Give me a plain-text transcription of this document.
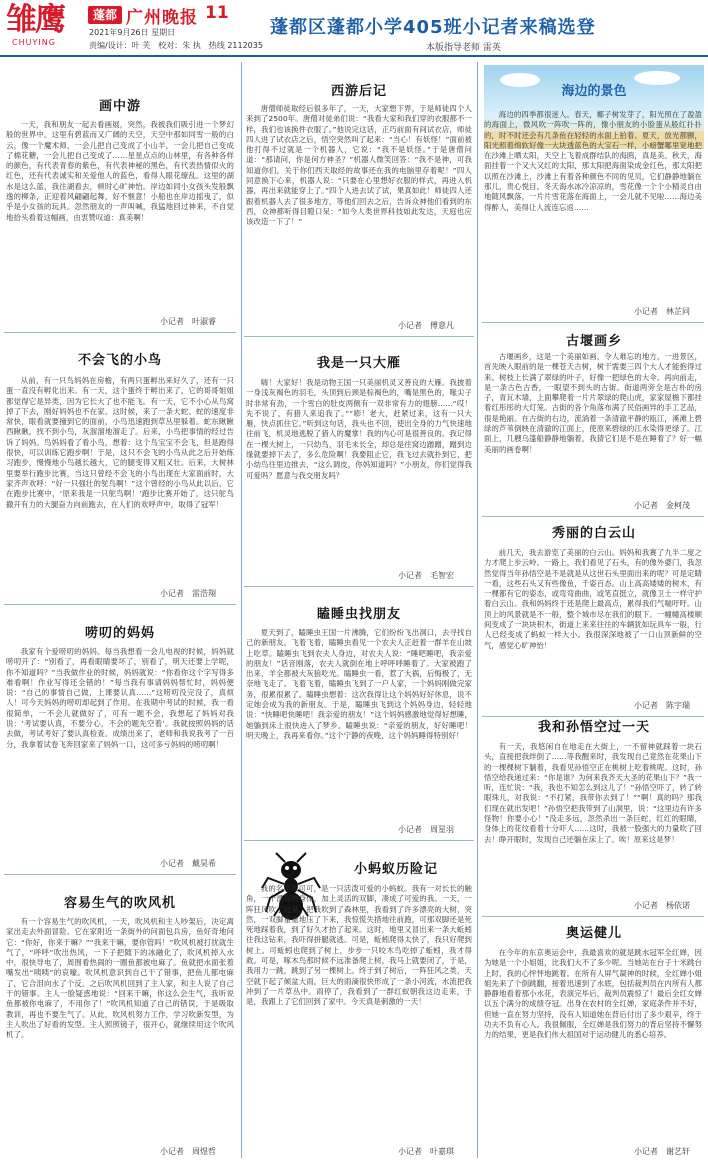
雏鹰
CHUYING
蓬都 广州晚报 11
2021年9月26日 星期日
责编/设计：叶 芙　校对：朱 执　热线 2112035
蓬都区蓬都小学405班小记者来稿选登
本版指导老师 雷英
画中游
一天，我和朋友一起去看画展，突然，我被我们吸引进一个梦幻般的世界中。这里有碧蓝而又广阔的天空，天空中那如同雪一般的白云，像一个魔术师，一会儿把自己变成了小山羊，一会儿把自己变成了棉花糖，一会儿把自己变成了……星星点点的山林里，有各种各样的颜色，有代表青春的紫色，有代表神秘的黑色，有代表热情似火的红色，还有代表诚实和关爱他人的蓝色，看得人眼花缭乱。这里的湖水是这么蓝，我往湖看去，顿时心旷神怡。岸边如同小女孩头发般飘逸的柳条，正迎着风翩翩起舞，好不惬意！小船也在岸边摇曳了，似乎是小女孩的玩具。忽然朋友的一声叫喊，我猛地回过神来，不自觉地拾头看着这幅画，由衷赞叹道：真美啊！
小记者　叶淑睿
不会飞的小鸟
从前，有一只鸟妈妈在房檐，有两只蛋孵出来好久了，还有一只蛋一直没有孵化出来。有一天，这个蛋终于孵出来了，它的哥哥姐姐都觉得它是异类，因为它长大了也不能飞。有一天，它不小心从鸟窝掉了下去，刚好妈妈也不在家。这时候，来了一条大蛇。蛇的速度非常快，眼看就要撞到它的面前，小鸟迅速跑到草丛里躲着。蛇东瞅瞅西瞅瞅，找不到小鸟，灰溜溜地溜走了。后来，小鸟把事情的经过告诉了妈妈。鸟妈妈看了看小鸟，想着：这个鸟宝宝不会飞，但是跑得很快，可以训练它跑步啊！于是，这只不会飞的小鸟从此之后开始练习跑步，慢慢地小鸟越长越大，它的腿变得又粗又壮。后来，大树林里要举行跑步比赛，当这只曾经不会飞的小鸟出现在大家面前时，大家齐声欢呼：“好一只强壮的鸵鸟啊！”这个曾经的小鸟从此以后，它在跑步比赛中，‘原来我是一只鸵鸟啊！’跑步比赛开始了，这只鸵鸟撒开有力的大腿奋力向前跑去，在人们的欢呼声中，取得了冠军！
小记者　雷浩翔
唠叨的妈妈
我家有个爱唠叨的妈妈。每当我想看一会儿电视的时候，妈妈就唠叨开了：“别看了，再看眼睛要坏了，别看了，明天还要上学呢，你不知道吗？”当我做作业的时候，妈妈就说：“你看你这个字写得多难看啊！作业写得还全错的！”每当我有事请妈妈帮忙时，妈妈便说：“自己的事情自己做，上课要认真……”这唠叨没完没了，真烦人！可今天妈妈的唠叨却起到了作用。在我期中考试的时候，我一看很简单，一不会儿就做好了，可有一题不会，我想起了妈妈对我说：‘考试要认真，不要分心，不会的题先空着’。我就按照妈妈的话去做，考试考好了要认真检查。成绩出来了，老师和我说我考了一百分，我拿着试卷飞奔回家来了妈妈一口，这可多亏妈妈的唠叨啊！
小记者　戴昊希
容易生气的吹风机
有一个容易生气的吹风机，一天，吹风机和主人吵架后，决定离家出走去外面冒险。它在家附近一条街外的问面包兵房，鱼好奇地问它：“你好，你来干嘛？”“我来干嘛，要你管吗！”吹风机被打扰就生气了，“呼呼”吹出热风，一下子把随下的冰融化了，吹风机掉入水中，很快导电了，周围看热闹的一圈鱼都被电麻了。鱼就把水面张着嘴发出“咦咦”的哀嚎。吹风机意识到自己干了错事，把鱼儿都电麻了，它合泪向水了个反。之后吹风机回到了主人家，和主人说了自己干的错事。主人一脸疑惑地说：“回来干嘛，你这么会生气，我听说鱼都被你电麻了，不用你了！”吹风机知道了自己的错误，于是吸取教训，再也不要生气了。从此，吹风机努力工作，学习吹新发型，为主人吹出了好看的发型。主人照照镜子，很开心，就继续用这个吹风机了。
小记者　周煜哲
西游后记
唐僧师徒取经后很多年了，一天，大家想下界，于是师徒四个人来到了2500年。唐僧对徒弟们说：“我看大家和我们穿的衣服都不一样，我们也该换件衣服了。”他说完这话，正巧前面有间试衣店，师徒四人进了试衣店之后，悟空突然叫了起来：“当心！有妖怪！”面前被他打得不过就是一个机器人，它说：“我不是妖怪。”于是唐僧问道：“那请问，你是何方神圣？”机器人微笑回答：“我不是神，可我知道你们，关于你们西天取经的故事还在我的电脑里存着呢！”四人同意换下心来，机器人说：“只要在心里想好衣服的样式，再进入机器，再出来就能穿上了。”四个人进去试了试，果真如此！师徒四人还跟着机器人去了很多地方，等他们回去之后，告诉众神他们看到的东西，众神都听得目瞪口呆：“如今人类世界科技如此发达，天庭也应该改造一下了！”
小记者　傅意凡
我是一只大雁
嗨！大家好！我是动物王国一只美丽机灵又善良的大雁。我披着一身浅灰褐色的羽毛，头顶到后颈是棕褐色的，嘴是黑色的，喙尖子时非常有劲，一个雪白的肚皮两侧有一双非常有力的翅膀……“哎！先不说了，有猎人来追我了。”“嘭！老大，赶紧过来，这有一只大雁，快点抓住它。”听到这句话，我头也不回，使出全身的力气快速地往前飞，机灵地逃脱了猎人的魔掌！我的内心可是很善良的。我记得在一棵大树上，一只幼鸟，羽毛未长全，却总是往窝边蹭蹭，蹭到边缘就要掉下去了，多么危险啊！我要阻止它，我飞过去就扑到它，把小幼鸟往里边推去，“这么调皮，你妈知道吗？”小朋友，你们觉得我可爱吗？愿意与我交朋友吗？
小记者　毛智宏
瞌睡虫找朋友
夏天到了，瞌睡虫王国一片沸腾，它们纷纷飞出洞口，去寻找自己的新朋友。飞着飞着，瞌睡虫看见一个农夫人正赶着一群羊在山坡上吃草。瞌睡虫飞到农夫人身边，对农夫人说：“睡吧睡吧，我亲爱的朋友！”话音刚落，农夫人就倒在地上呼呼呼睡着了。大家被跑了出来，羊全都被大灰狼吃光。瞌睡虫一看，惹了大祸，后悔极了，无奈地飞走了。飞着飞着，瞌睡虫飞到了一户人家，一个妈妈刚做完家务，很累很累了。瞌睡虫想着：这次我得让这个妈妈好好休息，说不定她会成为我的新朋友。于是，瞌睡虫飞到这个妈妈身边，轻轻地说：“快睡吧快睡吧！我亲爱的朋友！”这个妈妈感激地觉得好想睡，她躺到床上很快进入了梦乡。瞌睡虫说：“亲爱的朋友，好好睡吧！明天晚上，我再来看你。”这个宁静的夜晚，这个妈妈睡得特别好！
小记者　周星羽
小蚂蚁历险记
我的名字叫可可，是一只活泼可爱的小蚂蚁。我有一对长长的触角，一个漂亮的身体，加上灵活的双脚，凑成了可爱的我。一天，一阵狂风吹了过来，把我吹到了森林里，我看到了许多漂亮的大树，突然，一双脚重重地压了下来，我惊慌失措地往前跑，可那双脚还是死死地踩着我，到了好久才抬了起来。这时，地里又冒出来一条大蚯蚓往我这钻来，我吓得拼腿就逃。可是，蚯蚓爬得太快了，我只好爬到树上。可蚯蚓也爬到了树上，步步一只咬木鸟吃掉了蚯蚓，我才得救。可是，啄木鸟那时候不远准备爬上树，我马上就要闭了，于是，我用力一跳，跳到了另一棵树上。终于到了树后，一阵狂风之类，天空就下起了倾盆大雨，巨大的雨滴很快形成了一条小河流，水流把我冲到了一片草丛中。雨停了，我看到了一群红蚁朝我这边走来，于是，我跟上了它们回到了家中。今天真是刺激的一天！
小记者　叶嘉琪
海边的景色
海边的四季都很迷人。春天，椰子树发芽了，阳光照在了盈盈的海面上，微风吹一阵吹一阵的，像小朋友的小脸蛋从般红扑扑的，时不时还会有几条鱼在轻轻的水面上拍着。夏天，放光都颤，阳光照着绵软好像一大块透蓝色的大宝石一样，小螃蟹哪里宽地把在沙滩上晒太阳，天空上飞着成群结队的海鸥，真是美。秋天，海面挂着一个又大又红的太阳，那太阳把海面染成金红色，那太阳把以照在沙滩上，沙滩上有着各种颜色不同的见贝，它们静静地躺在那儿，贵心悦目。冬天海水冰冷凉凉的，雪花像一个个小精灵自由地随风飘落，一片片雪花落在海面上，一会儿就不见啦……海边美得醉人，美得让人流连忘返……
小记者　林芷同
古堰画乡
古堰画乡，这是一个美丽如画、令人难忘的地方。一进景区，首先映入眼前的是一棵苍天古树，树干需要三四个大人才能抱得过来。树枝上长满了翠绿的叶子，好像一把绿色的大伞。再向前走，是一条古色古香，一眼望不到头的古街。街道两旁全是古朴的房子，青瓦木墙，上面攀爬着一片片翠绿的爬山虎，家家屋檐下都挂着红彤彤的大灯笼。古街的各个角落布满了民俗画异的手工艺品，很是艳丽。在古街的右边，流淌着一条清澈平静的瓯江，溪滩上碧绿的芦苇倒映在清澈的江面上，使原来碧绿的江水染得更绿了。江面上，几艘乌篷船静静地躺着，我猜它们是不是在睡着了？好一幅美丽的画卷啊！
小记者　金柯茂
秀丽的白云山
前几天，我去游览了美丽的白云山。妈妈和我赛了九半二度之力才爬上步云岭。一路上，我们看见了石头，有的像外婆门，我忽然觉得当年孙悟空是不是就是从这世石头里面出来的呢？可是定睛一看，这些石头又有些像鱼，千姿百态。山上高高矮矮的树木，有一棵都有它的姿态，或弯弯曲曲，或笔直挺立，就像卫士一样守护着白云山。我和妈妈终于还是爬上最高点，累得我们气喘吁吁。山顶上的风景就是不一般，整个城市尽在我们的眼下。一幢幢高楼顺间变成了一块块积木，街道上来来往往的车辆犹如玩具车一般，行人已经变成了蚂蚁一样大小。我很深深地被了一口山顶新鲜的空气，感觉心旷神怡！
小记者　陈宇瑞
我和孙悟空过一天
有一天，我悠闲自在地走在大街上，一不留神就踩着一块石头，直接把我绊倒了……等我醒来时，我发现自己竟然在花果山下的一棵棵树下躺着，我看见孙悟空正在桃树上吃着桃呢。这时，孙悟空给我递过来：“你是谁？为何来我齐天大圣的花果山下？”我一听，连忙说：“我，我也不知怎么到这儿了！”孙悟空吓了，转了转眼珠儿，对我说：“不打紧，我带你去到了！”“啊！真的吗？那我们现在就出发吧！”孙悟空把我带到了山洞里，说：“这里边有许多怪物！你要小心！”没走多远，忽然杀出一条巨蛇，红红的眼睛，身体上的花纹看着十分吓人……这时，我被一股强大的力量吹了回去！睁开眼时，发现自己还躺在床上了。唉！原来这是梦！
小记者　杨依诺
奥运健儿
在今年的东京奥运会中，我最喜欢的就是跳水冠军全红婵，因为她是一个小姐姐，比我们大不了多少呢。当她站在台子十米跳台上时，我的心怦怦地跳着。在所有人屏气凝神的时候，全红婵小姐姐先来了个倒跳翻，接着迅速到了水底，包括裁判员在内所有人都静静地看着那小水花，表演完毕后，裁判员震惊了！最后全红女婵以五个满分的成绩夺冠。出身在农村的全红婵，家庭条件并不好，但她一直在努力坚持，没有人知道她在背后付出了多少艰辛，终于功夫不负有心人。我很佩服，全红婵是我们努力的背后坚持不懈努力的结果，更是我们伟大祖国对于运动健儿的悉心培养。
小记者　谢艺轩
